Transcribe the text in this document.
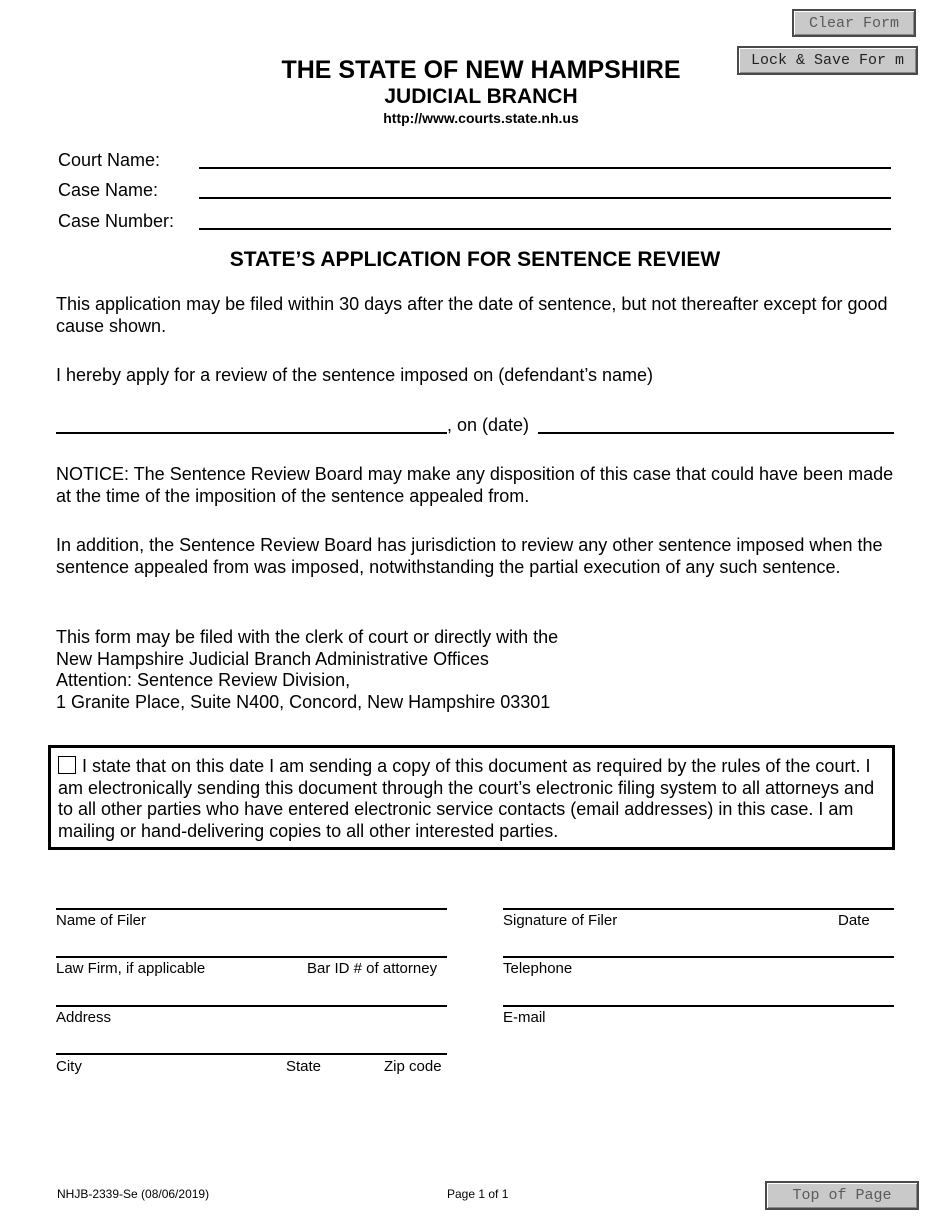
Clear Form
Lock & Save For m
THE STATE OF NEW HAMPSHIRE
JUDICIAL BRANCH
http://www.courts.state.nh.us
Court Name:
Case Name:
Case Number:
STATE’S APPLICATION FOR SENTENCE REVIEW
This application may be filed within 30 days after the date of sentence, but not thereafter except for good cause shown.
I hereby apply for a review of the sentence imposed on (defendant’s name)
, on (date)
NOTICE: The Sentence Review Board may make any disposition of this case that could have been made at the time of the imposition of the sentence appealed from.
In addition, the Sentence Review Board has jurisdiction to review any other sentence imposed when the sentence appealed from was imposed, notwithstanding the partial execution of any such sentence.
This form may be filed with the clerk of court or directly with the
New Hampshire Judicial Branch Administrative Offices
Attention: Sentence Review Division,
1 Granite Place, Suite N400, Concord, New Hampshire 03301
I state that on this date I am sending a copy of this document as required by the rules of the court. I am electronically sending this document through the court’s electronic filing system to all attorneys and to all other parties who have entered electronic service contacts (email addresses) in this case. I am mailing or hand-delivering copies to all other interested parties.
Name of Filer
Law Firm, if applicable	Bar ID # of attorney
Address
City	State	Zip code
Signature of Filer	Date
Telephone
E-mail
NHJB-2339-Se (08/06/2019)	Page 1 of 1	Top of Page
